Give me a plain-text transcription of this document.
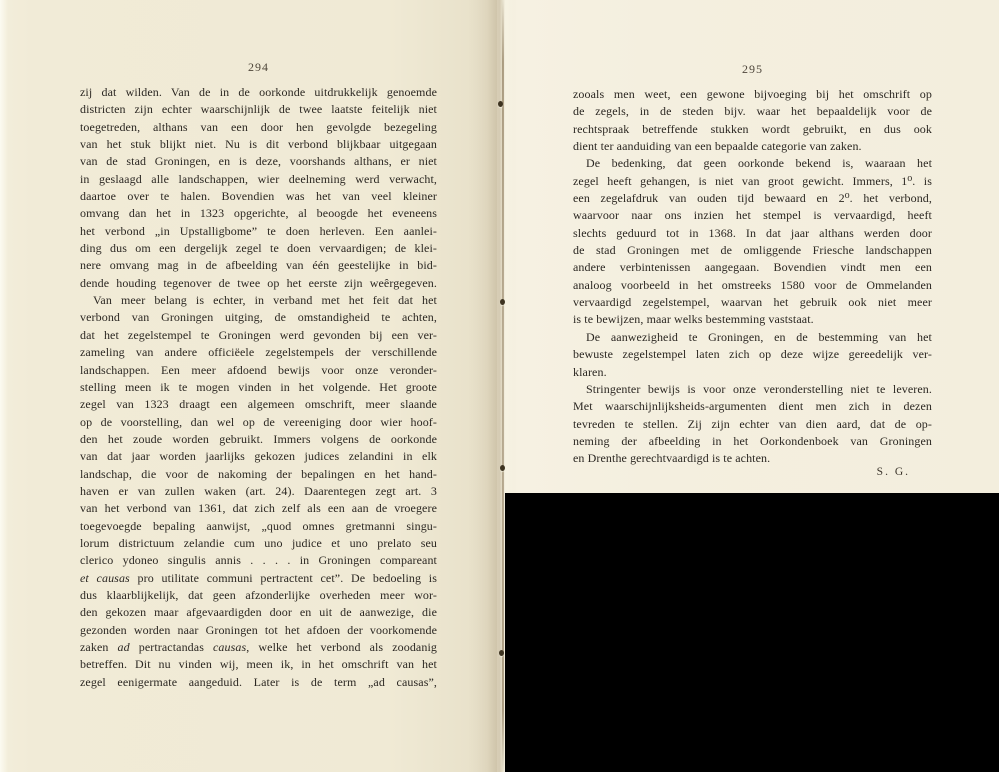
294
zij dat wilden. Van de in de oorkonde uitdrukkelijk genoemde
districten zijn echter waarschijnlijk de twee laatste feitelijk niet
toegetreden, althans van een door hen gevolgde bezegeling
van het stuk blijkt niet. Nu is dit verbond blijkbaar uitgegaan
van de stad Groningen, en is deze, voorshands althans, er niet
in geslaagd alle landschappen, wier deelneming werd verwacht,
daartoe over te halen. Bovendien was het van veel kleiner
omvang dan het in 1323 opgerichte, al beoogde het eveneens
het verbond „in Upstalligbome” te doen herleven. Een aanlei-
ding dus om een dergelijk zegel te doen vervaardigen; de klei-
nere omvang mag in de afbeelding van één geestelijke in bid-
dende houding tegenover de twee op het eerste zijn weêrgegeven.
Van meer belang is echter, in verband met het feit dat het
verbond van Groningen uitging, de omstandigheid te achten,
dat het zegelstempel te Groningen werd gevonden bij een ver-
zameling van andere officiëele zegelstempels der verschillende
landschappen. Een meer afdoend bewijs voor onze veronder-
stelling meen ik te mogen vinden in het volgende. Het groote
zegel van 1323 draagt een algemeen omschrift, meer slaande
op de voorstelling, dan wel op de vereeniging door wier hoof-
den het zoude worden gebruikt. Immers volgens de oorkonde
van dat jaar worden jaarlijks gekozen judices zelandini in elk
landschap, die voor de nakoming der bepalingen en het hand-
haven er van zullen waken (art. 24). Daarentegen zegt art. 3
van het verbond van 1361, dat zich zelf als een aan de vroegere
toegevoegde bepaling aanwijst, „quod omnes gretmanni singu-
lorum districtuum zelandie cum uno judice et uno prelato seu
clerico ydoneo singulis annis . . . . in Groningen compareant
et causas pro utilitate communi pertractent cet”. De bedoeling is
dus klaarblijkelijk, dat geen afzonderlijke overheden meer wor-
den gekozen maar afgevaardigden door en uit de aanwezige, die
gezonden worden naar Groningen tot het afdoen der voorkomende
zaken ad pertractandas causas, welke het verbond als zoodanig
betreffen. Dit nu vinden wij, meen ik, in het omschrift van het
zegel eenigermate aangeduid. Later is de term „ad causas”,
295
zooals men weet, een gewone bijvoeging bij het omschrift op
de zegels, in de steden bijv. waar het bepaaldelijk voor de
rechtspraak betreffende stukken wordt gebruikt, en dus ook
dient ter aanduiding van een bepaalde categorie van zaken.
De bedenking, dat geen oorkonde bekend is, waaraan het
zegel heeft gehangen, is niet van groot gewicht. Immers, 1⁰. is
een zegelafdruk van ouden tijd bewaard en 2⁰. het verbond,
waarvoor naar ons inzien het stempel is vervaardigd, heeft
slechts geduurd tot in 1368. In dat jaar althans werden door
de stad Groningen met de omliggende Friesche landschappen
andere verbintenissen aangegaan. Bovendien vindt men een
analoog voorbeeld in het omstreeks 1580 voor de Ommelanden
vervaardigd zegelstempel, waarvan het gebruik ook niet meer
is te bewijzen, maar welks bestemming vaststaat.
De aanwezigheid te Groningen, en de bestemming van het
bewuste zegelstempel laten zich op deze wijze gereedelijk ver-
klaren.
Stringenter bewijs is voor onze veronderstelling niet te leveren.
Met waarschijnlijksheids-argumenten dient men zich in dezen
tevreden te stellen. Zij zijn echter van dien aard, dat de op-
neming der afbeelding in het Oorkondenboek van Groningen
en Drenthe gerechtvaardigd is te achten.
S. G.
